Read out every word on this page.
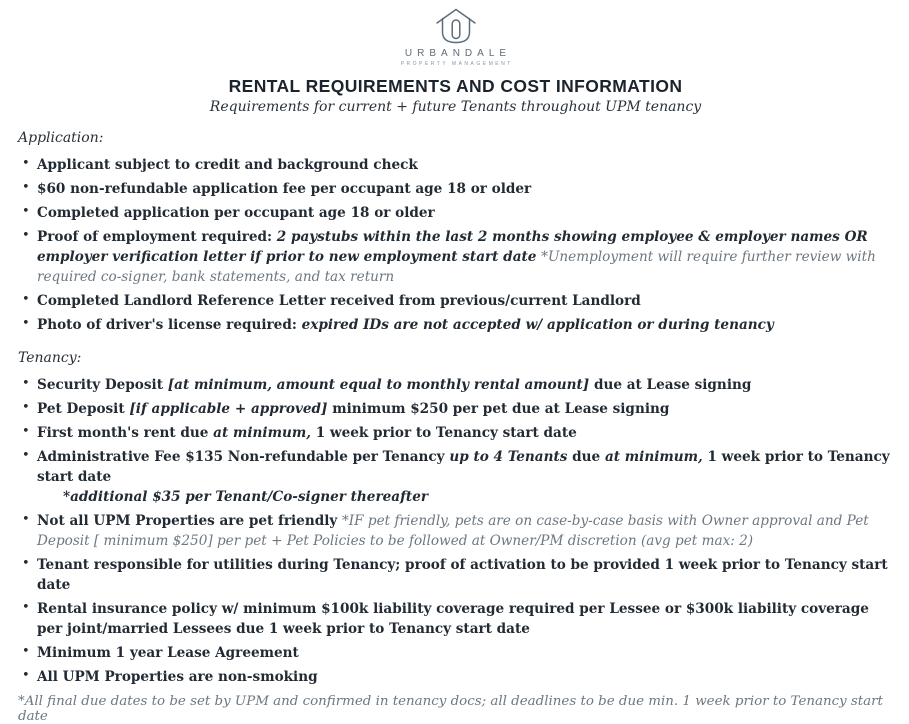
URBANDALE
PROPERTY MANAGEMENT
RENTAL REQUIREMENTS AND COST INFORMATION
Requirements for current + future Tenants throughout UPM tenancy
Application:
• Applicant subject to credit and background check
• $60 non-refundable application fee per occupant age 18 or older
• Completed application per occupant age 18 or older
• Proof of employment required: 2 paystubs within the last 2 months showing employee & employer names OR employer verification letter if prior to new employment start date *Unemployment will require further review with required co-signer, bank statements, and tax return
• Completed Landlord Reference Letter received from previous/current Landlord
• Photo of driver's license required: expired IDs are not accepted w/ application or during tenancy
Tenancy:
• Security Deposit [at minimum, amount equal to monthly rental amount] due at Lease signing
• Pet Deposit [if applicable + approved] minimum $250 per pet due at Lease signing
• First month's rent due at minimum, 1 week prior to Tenancy start date
• Administrative Fee $135 Non-refundable per Tenancy up to 4 Tenants due at minimum, 1 week prior to Tenancy start date
*additional $35 per Tenant/Co-signer thereafter
• Not all UPM Properties are pet friendly *IF pet friendly, pets are on case-by-case basis with Owner approval and Pet Deposit [ minimum $250] per pet + Pet Policies to be followed at Owner/PM discretion (avg pet max: 2)
• Tenant responsible for utilities during Tenancy; proof of activation to be provided 1 week prior to Tenancy start date
• Rental insurance policy w/ minimum $100k liability coverage required per Lessee or $300k liability coverage per joint/married Lessees due 1 week prior to Tenancy start date
• Minimum 1 year Lease Agreement
• All UPM Properties are non-smoking
*All final due dates to be set by UPM and confirmed in tenancy docs; all deadlines to be due min. 1 week prior to Tenancy start date
